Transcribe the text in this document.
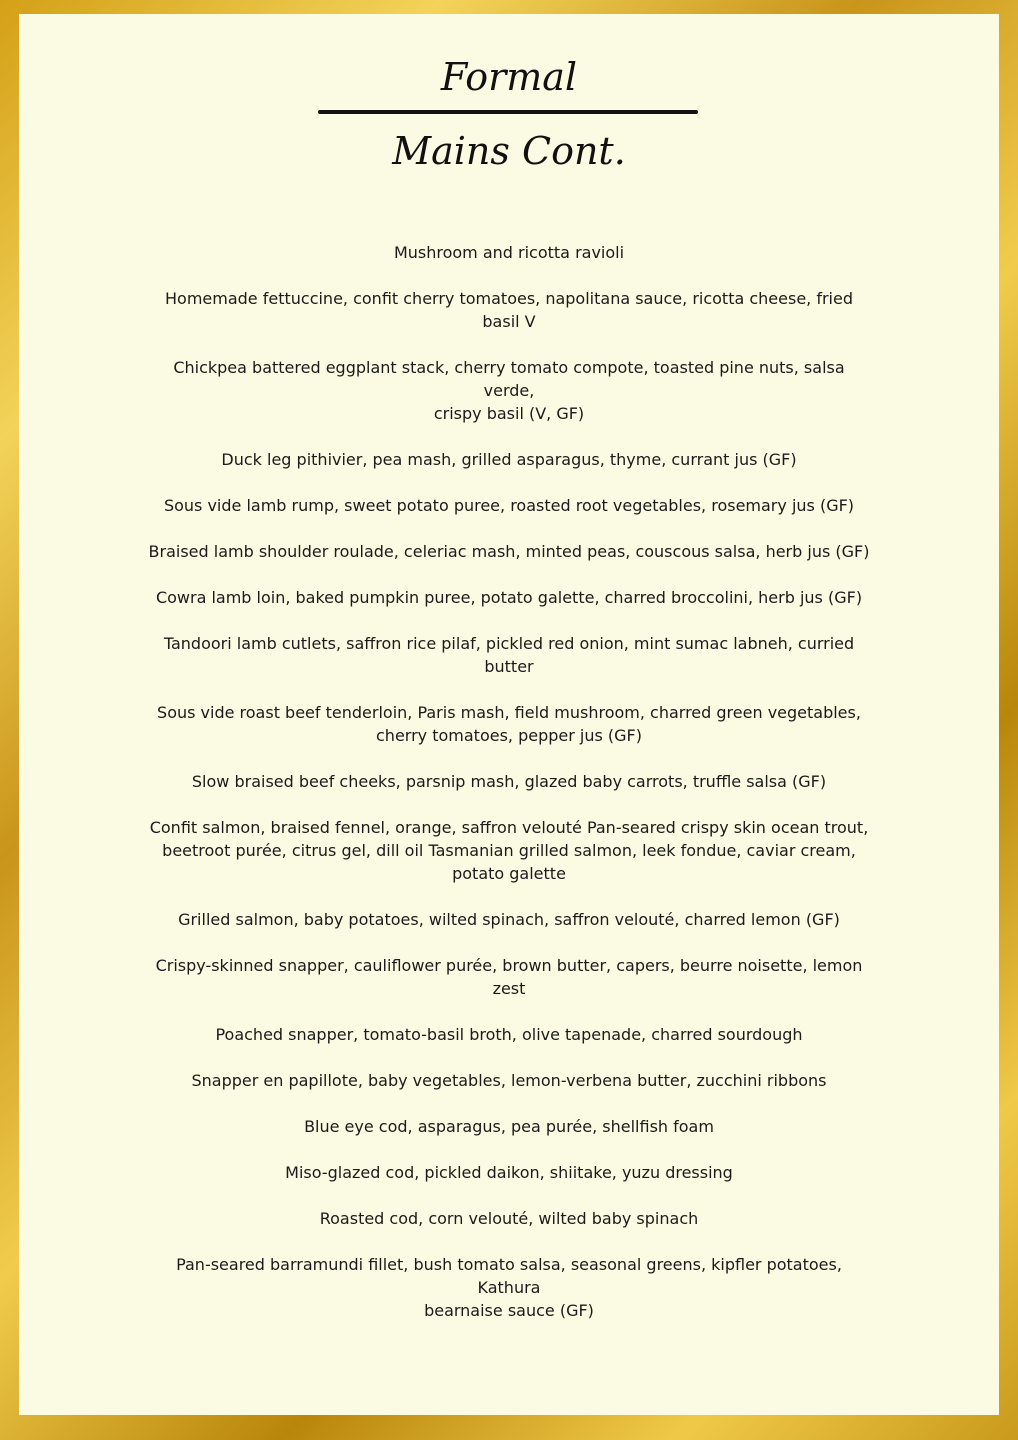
Formal
Mains Cont.
Mushroom and ricotta ravioli
Homemade fettuccine, confit cherry tomatoes, napolitana sauce, ricotta cheese, fried
basil V
Chickpea battered eggplant stack, cherry tomato compote, toasted pine nuts, salsa
verde,
crispy basil (V, GF)
Duck leg pithivier, pea mash, grilled asparagus, thyme, currant jus (GF)
Sous vide lamb rump, sweet potato puree, roasted root vegetables, rosemary jus (GF)
Braised lamb shoulder roulade, celeriac mash, minted peas, couscous salsa, herb jus (GF)
Cowra lamb loin, baked pumpkin puree, potato galette, charred broccolini, herb jus (GF)
Tandoori lamb cutlets, saffron rice pilaf, pickled red onion, mint sumac labneh, curried
butter
Sous vide roast beef tenderloin, Paris mash, field mushroom, charred green vegetables,
cherry tomatoes, pepper jus (GF)
Slow braised beef cheeks, parsnip mash, glazed baby carrots, truffle salsa (GF)
Confit salmon, braised fennel, orange, saffron velouté Pan-seared crispy skin ocean trout,
beetroot purée, citrus gel, dill oil Tasmanian grilled salmon, leek fondue, caviar cream,
potato galette
Grilled salmon, baby potatoes, wilted spinach, saffron velouté, charred lemon (GF)
Crispy-skinned snapper, cauliflower purée, brown butter, capers, beurre noisette, lemon
zest
Poached snapper, tomato-basil broth, olive tapenade, charred sourdough
Snapper en papillote, baby vegetables, lemon-verbena butter, zucchini ribbons
Blue eye cod, asparagus, pea purée, shellfish foam
Miso-glazed cod, pickled daikon, shiitake, yuzu dressing
Roasted cod, corn velouté, wilted baby spinach
Pan-seared barramundi fillet, bush tomato salsa, seasonal greens, kipfler potatoes,
Kathura
bearnaise sauce (GF)
